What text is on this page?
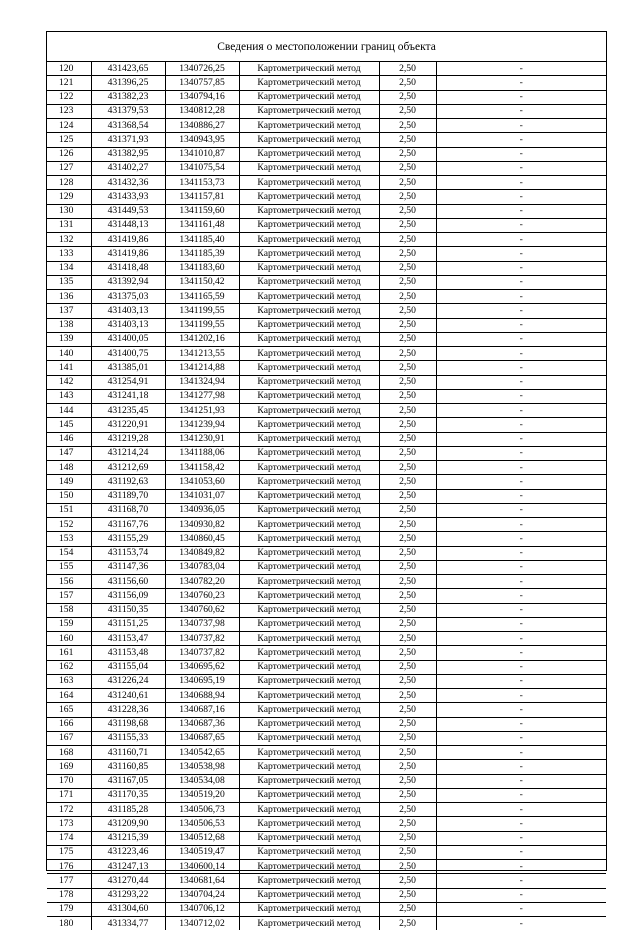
Сведения о местоположении границ объекта
120	431423,65	1340726,25	Картометрический метод	2,50	-
121	431396,25	1340757,85	Картометрический метод	2,50	-
122	431382,23	1340794,16	Картометрический метод	2,50	-
123	431379,53	1340812,28	Картометрический метод	2,50	-
124	431368,54	1340886,27	Картометрический метод	2,50	-
125	431371,93	1340943,95	Картометрический метод	2,50	-
126	431382,95	1341010,87	Картометрический метод	2,50	-
127	431402,27	1341075,54	Картометрический метод	2,50	-
128	431432,36	1341153,73	Картометрический метод	2,50	-
129	431433,93	1341157,81	Картометрический метод	2,50	-
130	431449,53	1341159,60	Картометрический метод	2,50	-
131	431448,13	1341161,48	Картометрический метод	2,50	-
132	431419,86	1341185,40	Картометрический метод	2,50	-
133	431419,86	1341185,39	Картометрический метод	2,50	-
134	431418,48	1341183,60	Картометрический метод	2,50	-
135	431392,94	1341150,42	Картометрический метод	2,50	-
136	431375,03	1341165,59	Картометрический метод	2,50	-
137	431403,13	1341199,55	Картометрический метод	2,50	-
138	431403,13	1341199,55	Картометрический метод	2,50	-
139	431400,05	1341202,16	Картометрический метод	2,50	-
140	431400,75	1341213,55	Картометрический метод	2,50	-
141	431385,01	1341214,88	Картометрический метод	2,50	-
142	431254,91	1341324,94	Картометрический метод	2,50	-
143	431241,18	1341277,98	Картометрический метод	2,50	-
144	431235,45	1341251,93	Картометрический метод	2,50	-
145	431220,91	1341239,94	Картометрический метод	2,50	-
146	431219,28	1341230,91	Картометрический метод	2,50	-
147	431214,24	1341188,06	Картометрический метод	2,50	-
148	431212,69	1341158,42	Картометрический метод	2,50	-
149	431192,63	1341053,60	Картометрический метод	2,50	-
150	431189,70	1341031,07	Картометрический метод	2,50	-
151	431168,70	1340936,05	Картометрический метод	2,50	-
152	431167,76	1340930,82	Картометрический метод	2,50	-
153	431155,29	1340860,45	Картометрический метод	2,50	-
154	431153,74	1340849,82	Картометрический метод	2,50	-
155	431147,36	1340783,04	Картометрический метод	2,50	-
156	431156,60	1340782,20	Картометрический метод	2,50	-
157	431156,09	1340760,23	Картометрический метод	2,50	-
158	431150,35	1340760,62	Картометрический метод	2,50	-
159	431151,25	1340737,98	Картометрический метод	2,50	-
160	431153,47	1340737,82	Картометрический метод	2,50	-
161	431153,48	1340737,82	Картометрический метод	2,50	-
162	431155,04	1340695,62	Картометрический метод	2,50	-
163	431226,24	1340695,19	Картометрический метод	2,50	-
164	431240,61	1340688,94	Картометрический метод	2,50	-
165	431228,36	1340687,16	Картометрический метод	2,50	-
166	431198,68	1340687,36	Картометрический метод	2,50	-
167	431155,33	1340687,65	Картометрический метод	2,50	-
168	431160,71	1340542,65	Картометрический метод	2,50	-
169	431160,85	1340538,98	Картометрический метод	2,50	-
170	431167,05	1340534,08	Картометрический метод	2,50	-
171	431170,35	1340519,20	Картометрический метод	2,50	-
172	431185,28	1340506,73	Картометрический метод	2,50	-
173	431209,90	1340506,53	Картометрический метод	2,50	-
174	431215,39	1340512,68	Картометрический метод	2,50	-
175	431223,46	1340519,47	Картометрический метод	2,50	-
176	431247,13	1340600,14	Картометрический метод	2,50	-
177	431270,44	1340681,64	Картометрический метод	2,50	-
178	431293,22	1340704,24	Картометрический метод	2,50	-
179	431304,60	1340706,12	Картометрический метод	2,50	-
180	431334,77	1340712,02	Картометрический метод	2,50	-
